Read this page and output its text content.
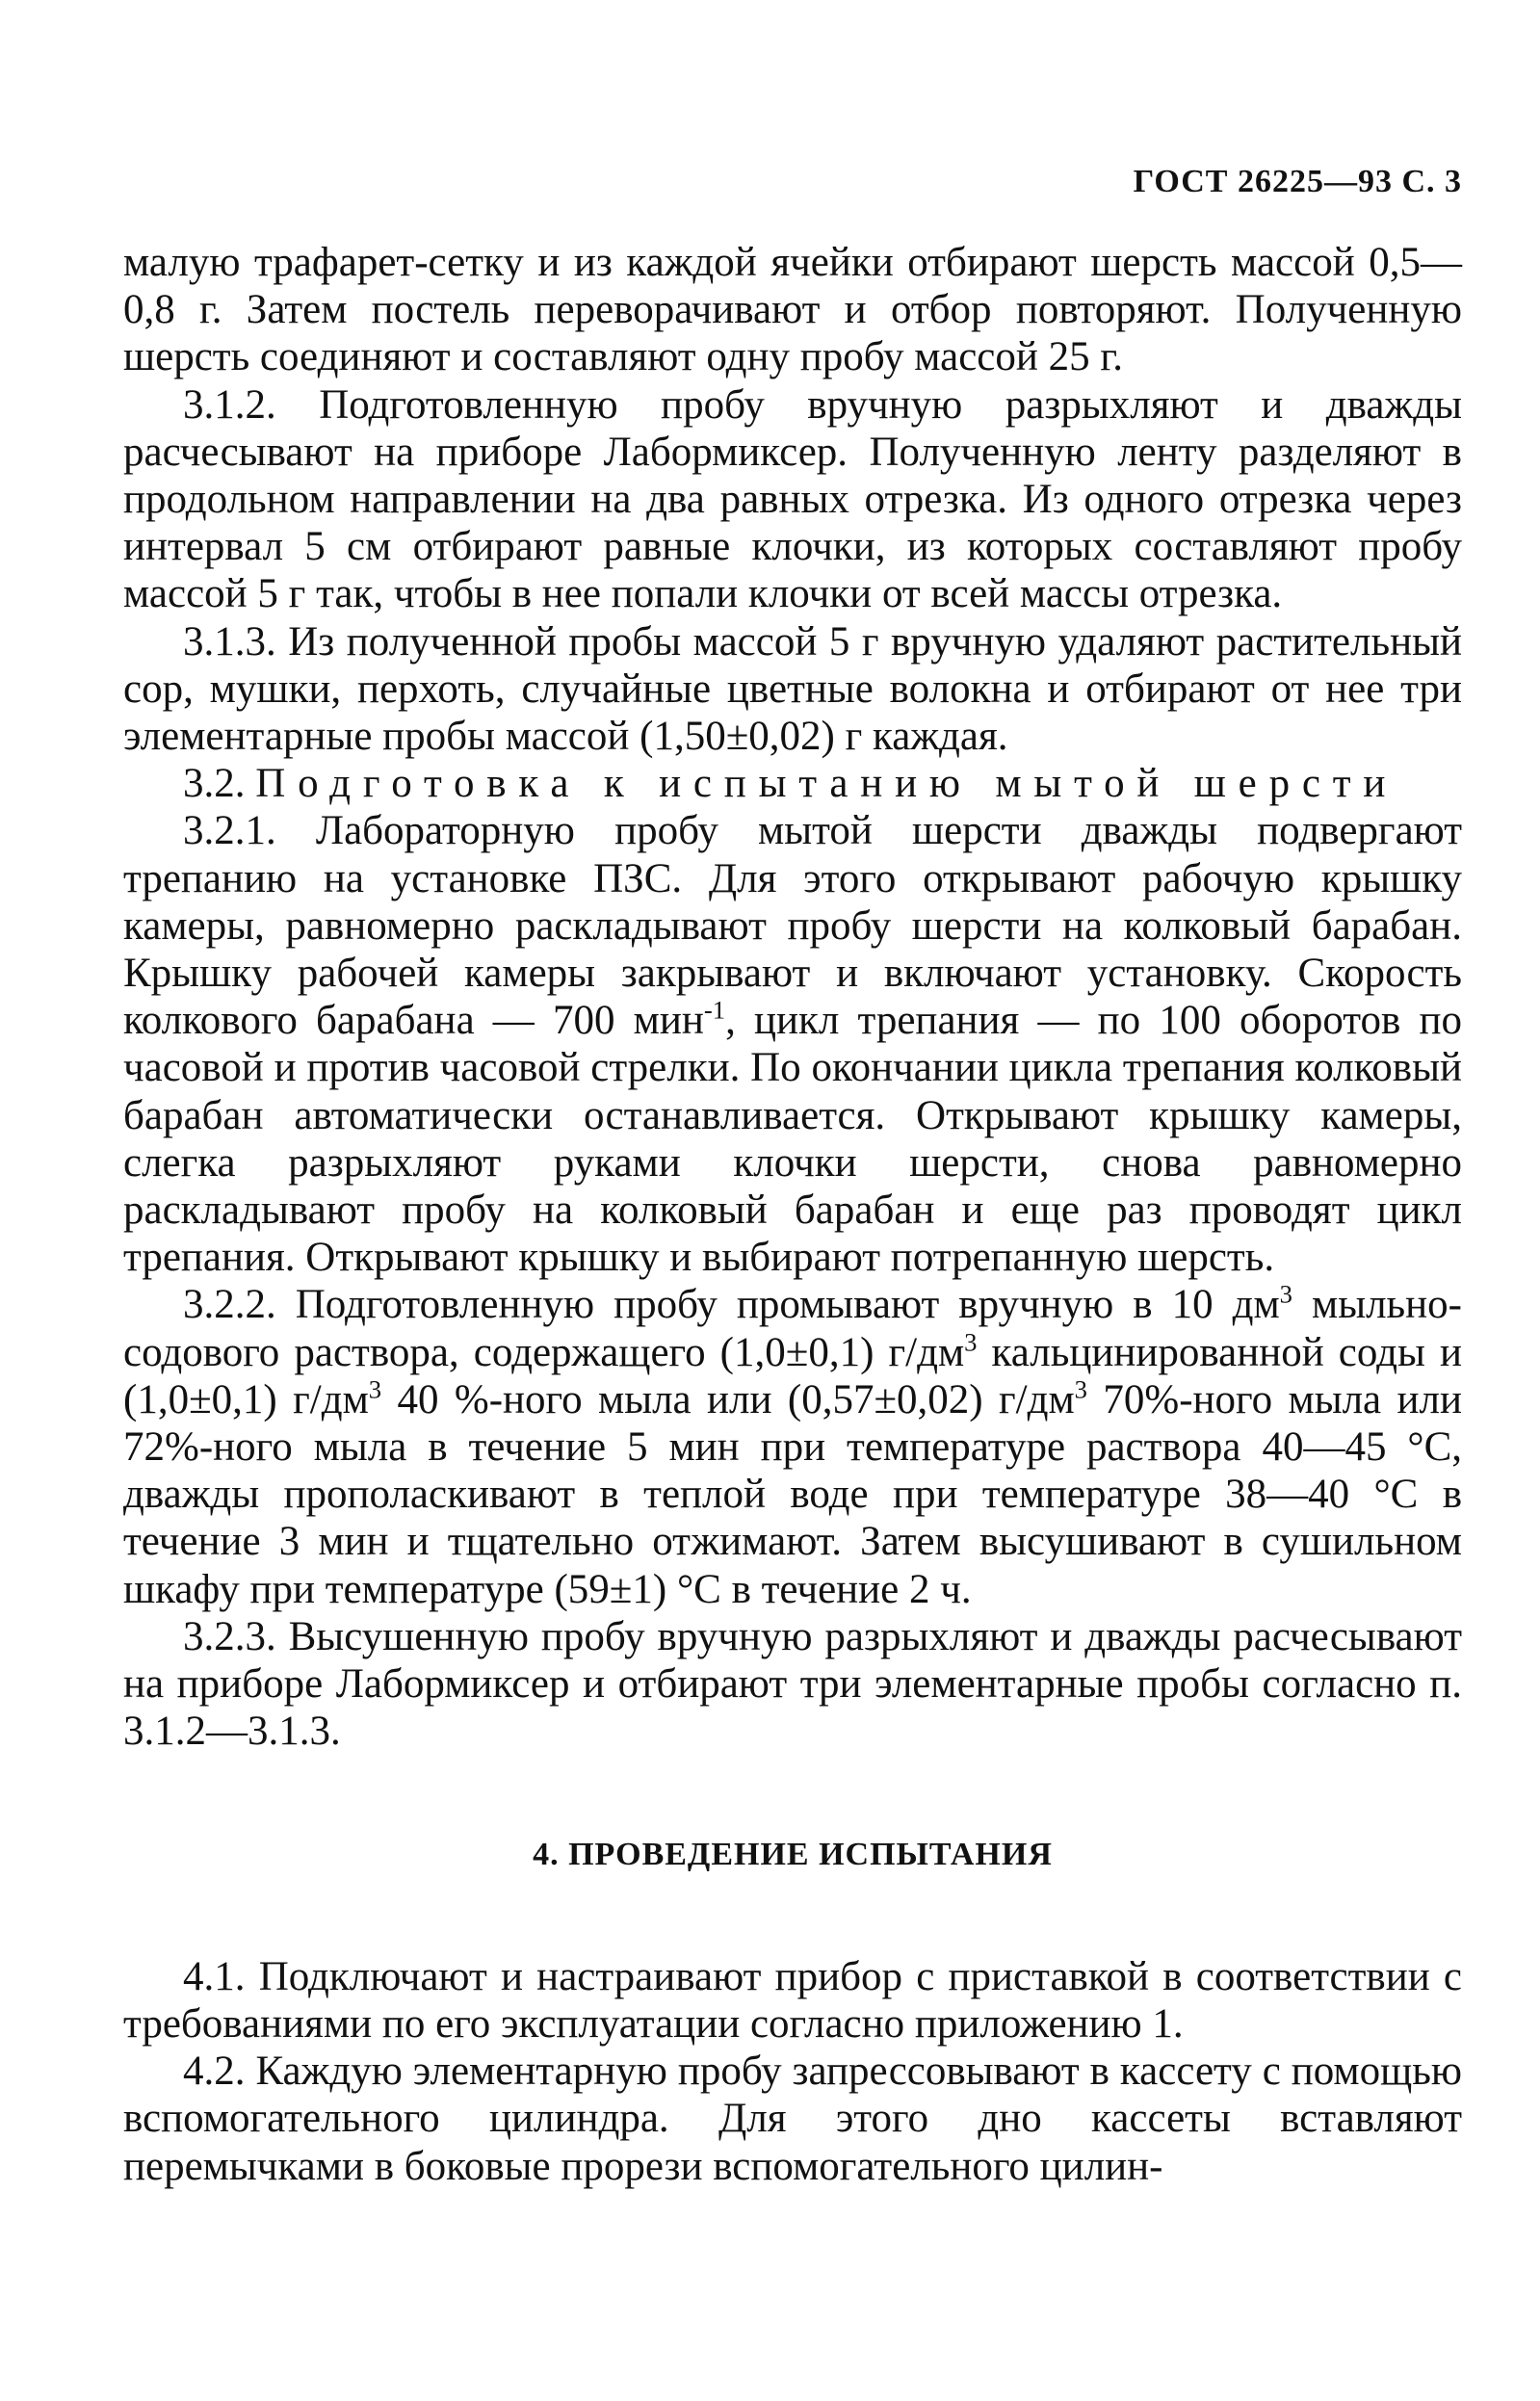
ГОСТ 26225—93 С. 3

малую трафарет-сетку и из каждой ячейки отбирают шерсть массой 0,5—0,8 г. Затем постель переворачивают и отбор повторяют. Полученную шерсть соединяют и составляют одну пробу массой 25 г.

3.1.2. Подготовленную пробу вручную разрыхляют и дважды расчесывают на приборе Лабормиксер. Полученную ленту разделяют в продольном направлении на два равных отрезка. Из одного отрезка через интервал 5 см отбирают равные клочки, из которых составляют пробу массой 5 г так, чтобы в нее попали клочки от всей массы отрезка.

3.1.3. Из полученной пробы массой 5 г вручную удаляют растительный сор, мушки, перхоть, случайные цветные волокна и отбирают от нее три элементарные пробы массой (1,50±0,02) г каждая.

3.2. Подготовка к испытанию мытой шерсти

3.2.1. Лабораторную пробу мытой шерсти дважды подвергают трепанию на установке ПЗС. Для этого открывают рабочую крышку камеры, равномерно раскладывают пробу шерсти на колковый барабан. Крышку рабочей камеры закрывают и включают установку. Скорость колкового барабана — 700 мин$^{-1}$, цикл трепания — по 100 оборотов по часовой и против часовой стрелки. По окончании цикла трепания колковый барабан автоматически останавливается. Открывают крышку камеры, слегка разрыхляют руками клочки шерсти, снова равномерно раскладывают пробу на колковый барабан и еще раз проводят цикл трепания. Открывают крышку и выбирают потрепанную шерсть.

3.2.2. Подготовленную пробу промывают вручную в 10 $дм^3$ мыльно-содового раствора, содержащего (1,0±0,1) $г/дм^3$ кальцинированной соды и (1,0±0,1) $г/дм^3$ 40 %-ного мыла или (0,57±0,02) $г/дм^3$ 70%-ного мыла или 72%-ного мыла в течение 5 мин при температуре раствора 40—45 °С, дважды прополаскивают в теплой воде при температуре 38—40 °С в течение 3 мин и тщательно отжимают. Затем высушивают в сушильном шкафу при температуре (59±1) °С в течение 2 ч.

3.2.3. Высушенную пробу вручную разрыхляют и дважды расчесывают на приборе Лабормиксер и отбирают три элементарные пробы согласно п. 3.1.2—3.1.3.

4. ПРОВЕДЕНИЕ ИСПЫТАНИЯ

4.1. Подключают и настраивают прибор с приставкой в соответствии с требованиями по его эксплуатации согласно приложению 1.

4.2. Каждую элементарную пробу запрессовывают в кассету с помощью вспомогательного цилиндра. Для этого дно кассеты вставляют перемычками в боковые прорези вспомогательного цилин-
